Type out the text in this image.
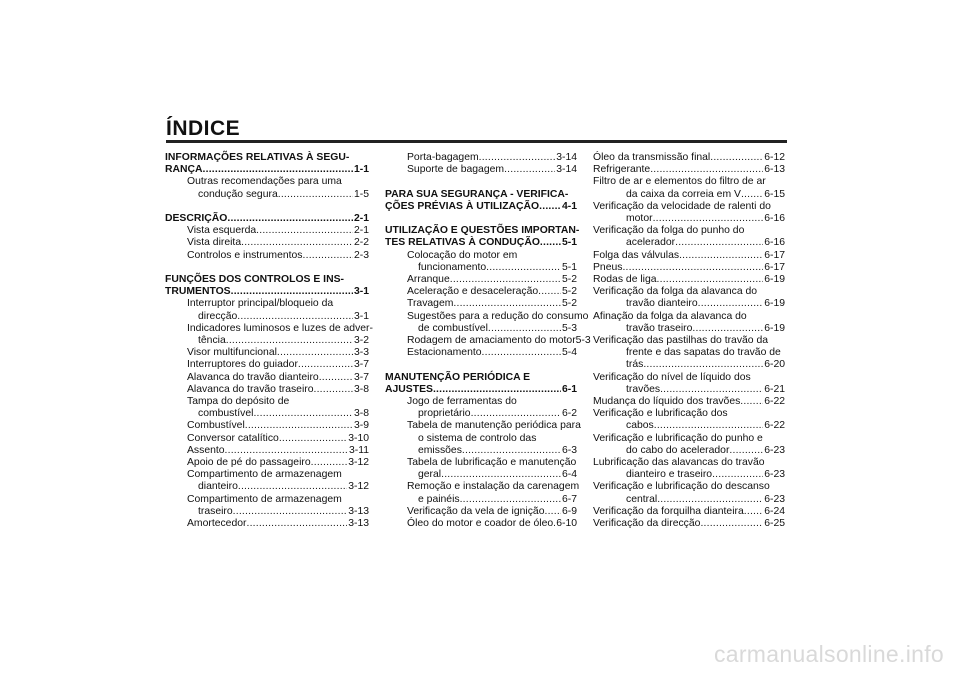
ÍNDICE
INFORMAÇÕES RELATIVAS À SEGU-
RANÇA .....	1-1
Outras recomendações para uma
condução segura .....	1-5
DESCRIÇÃO .....	2-1
Vista esquerda .....	2-1
Vista direita .....	2-2
Controlos e instrumentos .....	2-3
FUNÇÕES DOS CONTROLOS E INS-
TRUMENTOS .....	3-1
Interruptor principal/bloqueio da
direcção .....	3-1
Indicadores luminosos e luzes de adver-
tência .....	3-2
Visor multifuncional .....	3-3
Interruptores do guiador .....	3-7
Alavanca do travão dianteiro .....	3-7
Alavanca do travão traseiro .....	3-8
Tampa do depósito de
combustível .....	3-8
Combustível .....	3-9
Conversor catalítico .....	3-10
Assento .....	3-11
Apoio de pé do passageiro .....	3-12
Compartimento de armazenagem
dianteiro .....	3-12
Compartimento de armazenagem
traseiro .....	3-13
Amortecedor .....	3-13
Porta-bagagem .....	3-14
Suporte de bagagem .....	3-14
PARA SUA SEGURANÇA - VERIFICA-
ÇÕES PRÉVIAS À UTILIZAÇÃO ..... 4-1
UTILIZAÇÃO E QUESTÕES IMPORTAN-
TES RELATIVAS À CONDUÇÃO ..... 5-1
Colocação do motor em
funcionamento .....	5-1
Arranque .....	5-2
Aceleração e desaceleração ..... 5-2
Travagem .....	5-2
Sugestões para a redução do consumo
de combustível .....	5-3
Rodagem de amaciamento do motor 5-3
Estacionamento .....	5-4
MANUTENÇÃO PERIÓDICA E
AJUSTES .....	6-1
Jogo de ferramentas do
proprietário .....	6-2
Tabela de manutenção periódica para
o sistema de controlo das
emissões .....	6-3
Tabela de lubrificação e manutenção
geral .....	6-4
Remoção e instalação da carenagem
e painéis .....	6-7
Verificação da vela de ignição ..... 6-9
Óleo do motor e coador de óleo ..... 6-10
Óleo da transmissão final .....	6-12
Refrigerante .....	6-13
Filtro de ar e elementos do filtro de ar
da caixa da correia em V ..... 6-15
Verificação da velocidade de ralenti do
motor .....	6-16
Verificação da folga do punho do
acelerador .....	6-16
Folga das válvulas .....	6-17
Pneus .....	6-17
Rodas de liga .....	6-19
Verificação da folga da alavanca do
travão dianteiro .....	6-19
Afinação da folga da alavanca do
travão traseiro .....	6-19
Verificação das pastilhas do travão da
frente e das sapatas do travão de
trás .....	6-20
Verificação do nível de líquido dos
travões .....	6-21
Mudança do líquido dos travões ..... 6-22
Verificação e lubrificação dos
cabos .....	6-22
Verificação e lubrificação do punho e
do cabo do acelerador .....	6-23
Lubrificação das alavancas do travão
dianteiro e traseiro .....	6-23
Verificação e lubrificação do descanso
central .....	6-23
Verificação da forquilha dianteira ..... 6-24
Verificação da direcção .....	6-25
carmanualsonline.info
